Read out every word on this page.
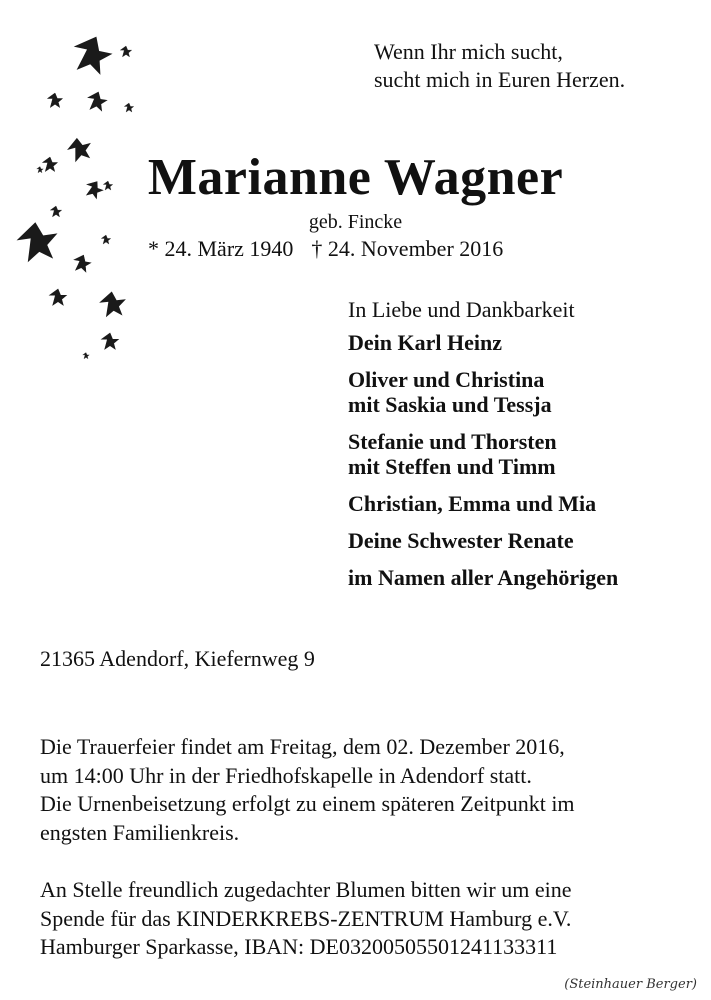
Wenn Ihr mich sucht,
sucht mich in Euren Herzen.
Marianne Wagner
geb. Fincke
* 24. März 1940 † 24. November 2016
In Liebe und Dankbarkeit
Dein Karl Heinz
Oliver und Christina
mit Saskia und Tessja
Stefanie und Thorsten
mit Steffen und Timm
Christian, Emma und Mia
Deine Schwester Renate
im Namen aller Angehörigen
21365 Adendorf, Kiefernweg 9
Die Trauerfeier findet am Freitag, dem 02. Dezember 2016,
um 14:00 Uhr in der Friedhofskapelle in Adendorf statt.
Die Urnenbeisetzung erfolgt zu einem späteren Zeitpunkt im
engsten Familienkreis.
An Stelle freundlich zugedachter Blumen bitten wir um eine
Spende für das KINDERKREBS-ZENTRUM Hamburg e.V.
Hamburger Sparkasse, IBAN: DE03200505501241133311
(Steinhauer Berger)
